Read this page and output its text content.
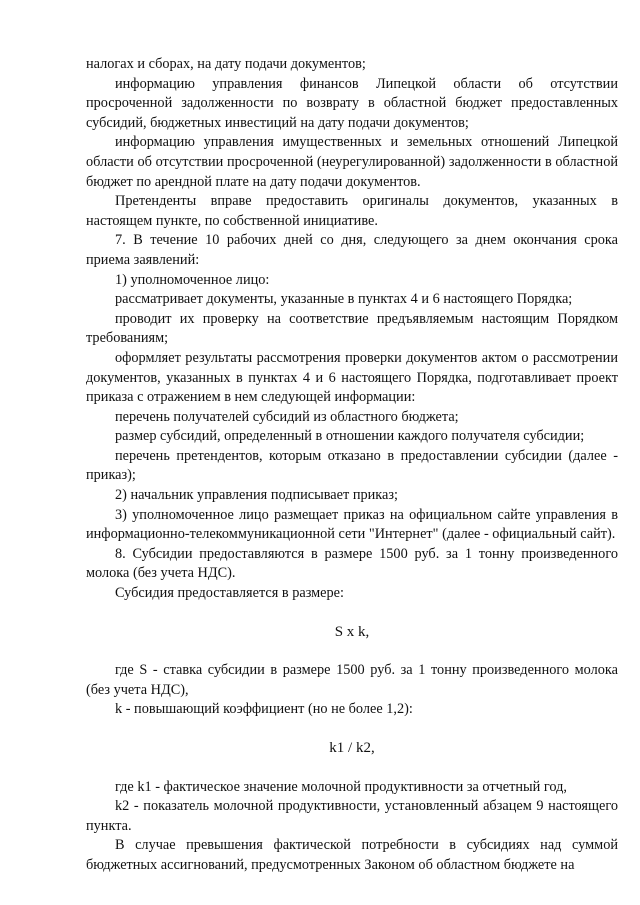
налогах и сборах, на дату подачи документов;

информацию управления финансов Липецкой области об отсутствии просроченной задолженности по возврату в областной бюджет предоставленных субсидий, бюджетных инвестиций на дату подачи документов;

информацию управления имущественных и земельных отношений Липецкой области об отсутствии просроченной (неурегулированной) задолженности в областной бюджет по арендной плате на дату подачи документов.

Претенденты вправе предоставить оригиналы документов, указанных в настоящем пункте, по собственной инициативе.

7. В течение 10 рабочих дней со дня, следующего за днем окончания срока приема заявлений:

1) уполномоченное лицо:

рассматривает документы, указанные в пунктах 4 и 6 настоящего Порядка;

проводит их проверку на соответствие предъявляемым настоящим Порядком требованиям;

оформляет результаты рассмотрения проверки документов актом о рассмотрении документов, указанных в пунктах 4 и 6 настоящего Порядка, подготавливает проект приказа с отражением в нем следующей информации:

перечень получателей субсидий из областного бюджета;

размер субсидий, определенный в отношении каждого получателя субсидии;

перечень претендентов, которым отказано в предоставлении субсидии (далее - приказ);

2) начальник управления подписывает приказ;

3) уполномоченное лицо размещает приказ на официальном сайте управления в информационно-телекоммуникационной сети "Интернет" (далее - официальный сайт).

8. Субсидии предоставляются в размере 1500 руб. за 1 тонну произведенного молока (без учета НДС).

Субсидия предоставляется в размере:

S x k,

где S - ставка субсидии в размере 1500 руб. за 1 тонну произведенного молока (без учета НДС),

k - повышающий коэффициент (но не более 1,2):

k1 / k2,

где k1 - фактическое значение молочной продуктивности за отчетный год,

k2 - показатель молочной продуктивности, установленный абзацем 9 настоящего пункта.

В случае превышения фактической потребности в субсидиях над суммой бюджетных ассигнований, предусмотренных Законом об областном бюджете на
